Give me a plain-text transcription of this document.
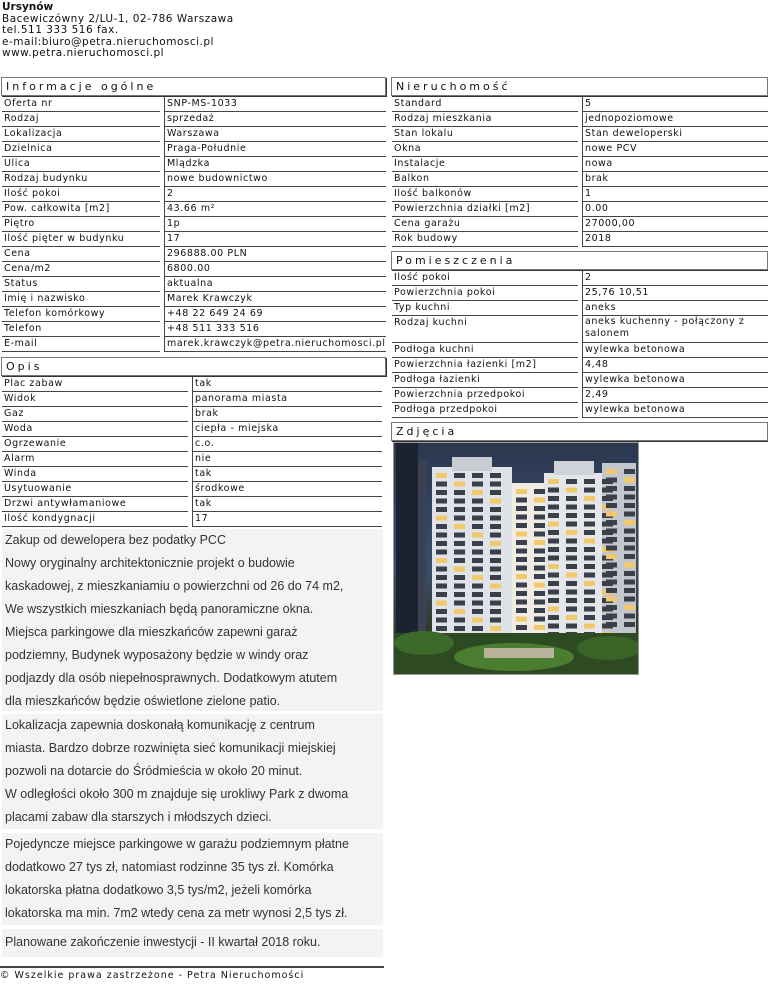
Ursynów
Bacewiczówny 2/LU-1, 02-786 Warszawa
tel.511 333 516 fax.
e-mail:biuro@petra.nieruchomosci.pl
www.petra.nieruchomosci.pl
Informacje ogólne
Oferta nr	SNP-MS-1033
Rodzaj	sprzedaż
Lokalizacja	Warszawa
Dzielnica	Praga-Południe
Ulica	Mlądzka
Rodzaj budynku	nowe budownictwo
Ilość pokoi	2
Pow. całkowita [m2]	43.66 m²
Piętro	1p
Ilość pięter w budynku	17
Cena	296888.00 PLN
Cena/m2	6800.00
Status	aktualna
Imię i nazwisko	Marek Krawczyk
Telefon komórkowy	+48 22 649 24 69
Telefon	+48 511 333 516
E-mail	marek.krawczyk@petra.nieruchomosci.pl
Nieruchomość
Standard	5
Rodzaj mieszkania	jednopoziomowe
Stan lokalu	Stan deweloperski
Okna	nowe PCV
Instalacje	nowa
Balkon	brak
Ilość balkonów	1
Powierzchnia działki [m2]	0.00
Cena garażu	27000,00
Rok budowy	2018
Pomieszczenia
Ilość pokoi	2
Powierzchnia pokoi	25,76 10,51
Typ kuchni	aneks
Rodzaj kuchni	aneks kuchenny - połączony z salonem
Podłoga kuchni	wylewka betonowa
Powierzchnia łazienki [m2]	4,48
Podłoga łazienki	wylewka betonowa
Powierzchnia przedpokoi	2,49
Podłoga przedpokoi	wylewka betonowa
Opis
Plac zabaw	tak
Widok	panorama miasta
Gaz	brak
Woda	ciepła - miejska
Ogrzewanie	c.o.
Alarm	nie
Winda	tak
Usytuowanie	środkowe
Drzwi antywłamaniowe	tak
Ilość kondygnacji	17

Zakup od dewelopera bez podatky PCC

Nowy oryginalny architektonicznie projekt o budowie

kaskadowej, z mieszkaniamiu o powierzchni od 26 do 74 m2,

We wszystkich mieszkaniach będą panoramiczne okna.

Miejsca parkingowe dla mieszkańców zapewni garaż

podziemny, Budynek wyposażony będzie w windy oraz

podjazdy dla osób niepełnosprawnych. Dodatkowym atutem

dla mieszkańców będzie oświetlone zielone patio.

Lokalizacja zapewnia doskonałą komunikację z centrum

miasta. Bardzo dobrze rozwinięta sieć komunikacji miejskiej

pozwoli na dotarcie do Śródmieścia w około 20 minut.

W odległości około 300 m znajduje się urokliwy Park z dwoma

placami zabaw dla starszych i młodszych dzieci.

Pojedyncze miejsce parkingowe w garażu podziemnym płatne

dodatkowo 27 tys zł, natomiast rodzinne 35 tys zł. Komórka

lokatorska płatna dodatkowo 3,5 tys/m2, jeżeli komórka

lokatorska ma min. 7m2 wtedy cena za metr wynosi 2,5 tys zł.

Planowane zakończenie inwestycji - II kwartał 2018 roku.

Zdjęcia
© Wszelkie prawa zastrzeżone - Petra Nieruchomości
